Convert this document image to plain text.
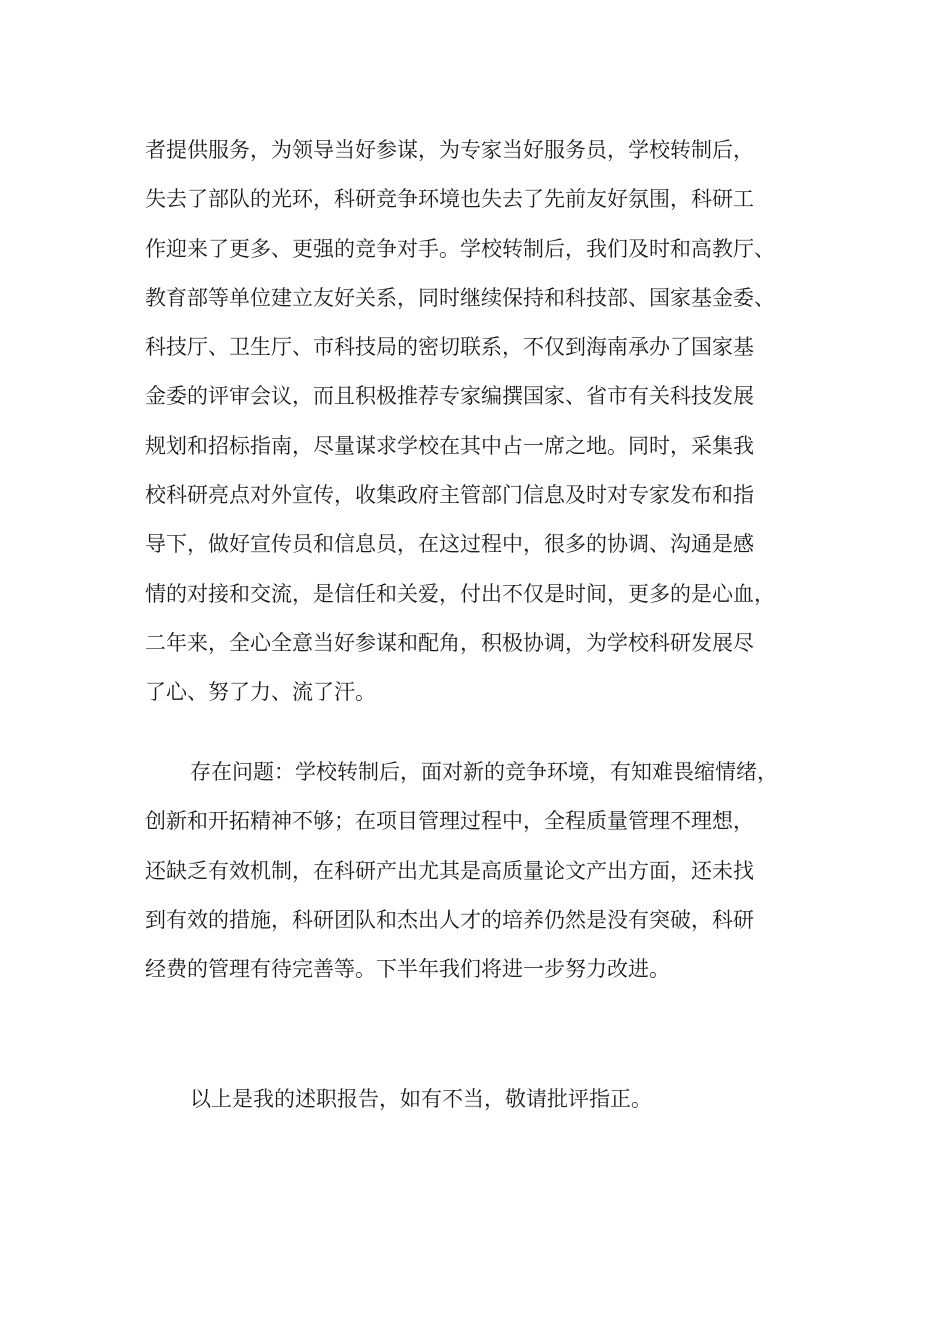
者提供服务，为领导当好参谋，为专家当好服务员，学校转制后，
失去了部队的光环，科研竞争环境也失去了先前友好氛围，科研工
作迎来了更多、更强的竞争对手。学校转制后，我们及时和高教厅、
教育部等单位建立友好关系，同时继续保持和科技部、国家基金委、
科技厅、卫生厅、市科技局的密切联系，不仅到海南承办了国家基
金委的评审会议，而且积极推荐专家编撰国家、省市有关科技发展
规划和招标指南，尽量谋求学校在其中占一席之地。同时，采集我
校科研亮点对外宣传，收集政府主管部门信息及时对专家发布和指
导下，做好宣传员和信息员，在这过程中，很多的协调、沟通是感
情的对接和交流，是信任和关爱，付出不仅是时间，更多的是心血，
二年来，全心全意当好参谋和配角，积极协调，为学校科研发展尽
了心、努了力、流了汗。

存在问题：学校转制后，面对新的竞争环境，有知难畏缩情绪，
创新和开拓精神不够；在项目管理过程中，全程质量管理不理想，
还缺乏有效机制，在科研产出尤其是高质量论文产出方面，还未找
到有效的措施，科研团队和杰出人才的培养仍然是没有突破，科研
经费的管理有待完善等。下半年我们将进一步努力改进。

以上是我的述职报告，如有不当，敬请批评指正。
